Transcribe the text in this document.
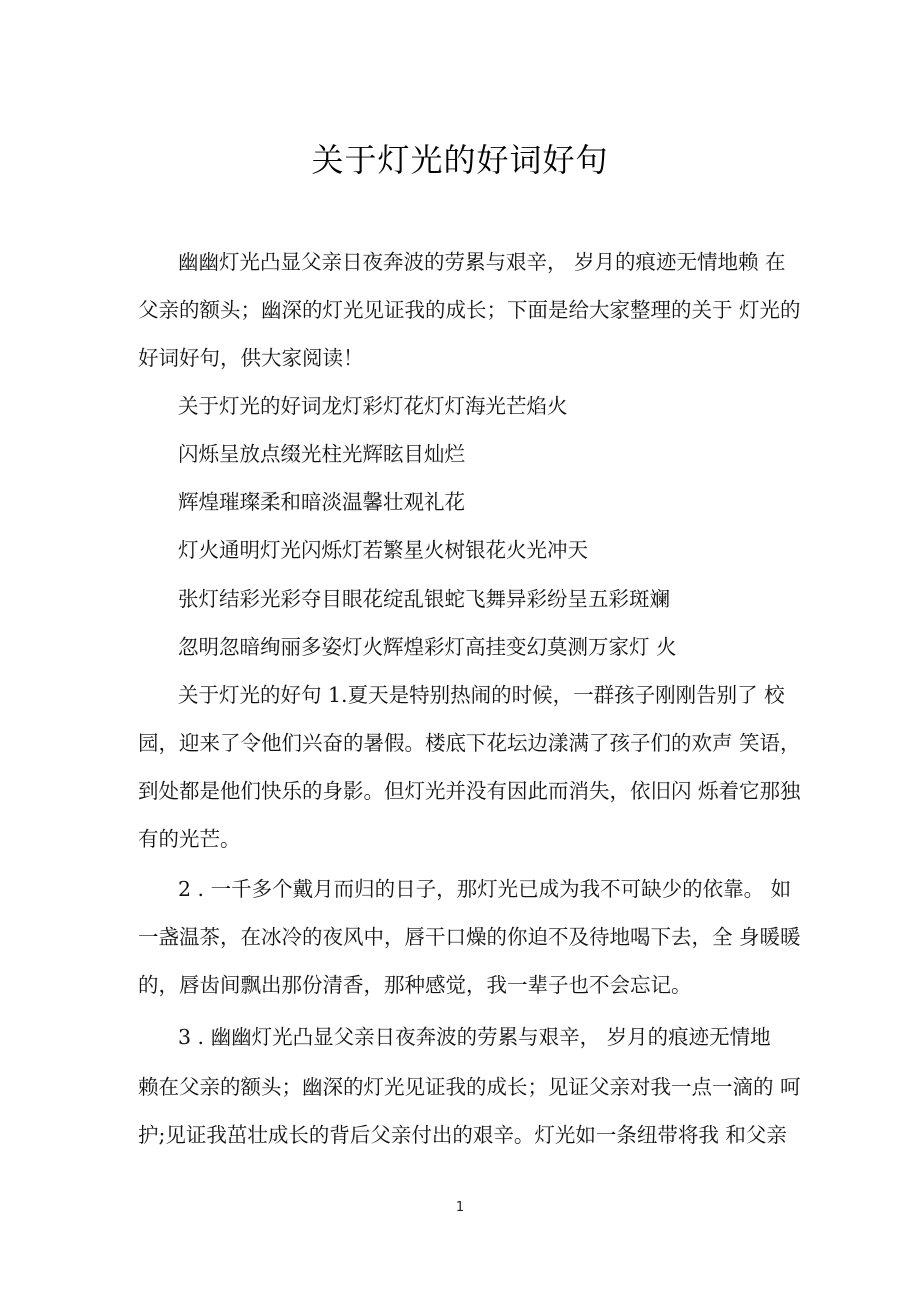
关于灯光的好词好句
幽幽灯光凸显父亲日夜奔波的劳累与艰辛， 岁月的痕迹无情地赖 在
父亲的额头；幽深的灯光见证我的成长；下面是给大家整理的关于 灯光的
好词好句，供大家阅读！
关于灯光的好词龙灯彩灯花灯灯海光芒焰火
闪烁呈放点缀光柱光辉眩目灿烂
辉煌璀璨柔和暗淡温馨壮观礼花
灯火通明灯光闪烁灯若繁星火树银花火光冲天
张灯结彩光彩夺目眼花绽乱银蛇飞舞异彩纷呈五彩斑斓
忽明忽暗绚丽多姿灯火辉煌彩灯高挂变幻莫测万家灯 火
关于灯光的好句 1.夏天是特别热闹的时候，一群孩子刚刚告别了 校
园，迎来了令他们兴奋的暑假。楼底下花坛边漾满了孩子们的欢声 笑语，
到处都是他们快乐的身影。但灯光并没有因此而消失，依旧闪 烁着它那独
有的光芒。
2 . 一千多个戴月而归的日子，那灯光已成为我不可缺少的依靠。 如
一盏温茶，在冰冷的夜风中，唇干口燥的你迫不及待地喝下去，全 身暖暖
的，唇齿间飘出那份清香，那种感觉，我一辈子也不会忘记。
3 . 幽幽灯光凸显父亲日夜奔波的劳累与艰辛， 岁月的痕迹无情地
赖在父亲的额头；幽深的灯光见证我的成长；见证父亲对我一点一滴的 呵
护;见证我茁壮成长的背后父亲付出的艰辛。灯光如一条纽带将我 和父亲
1
